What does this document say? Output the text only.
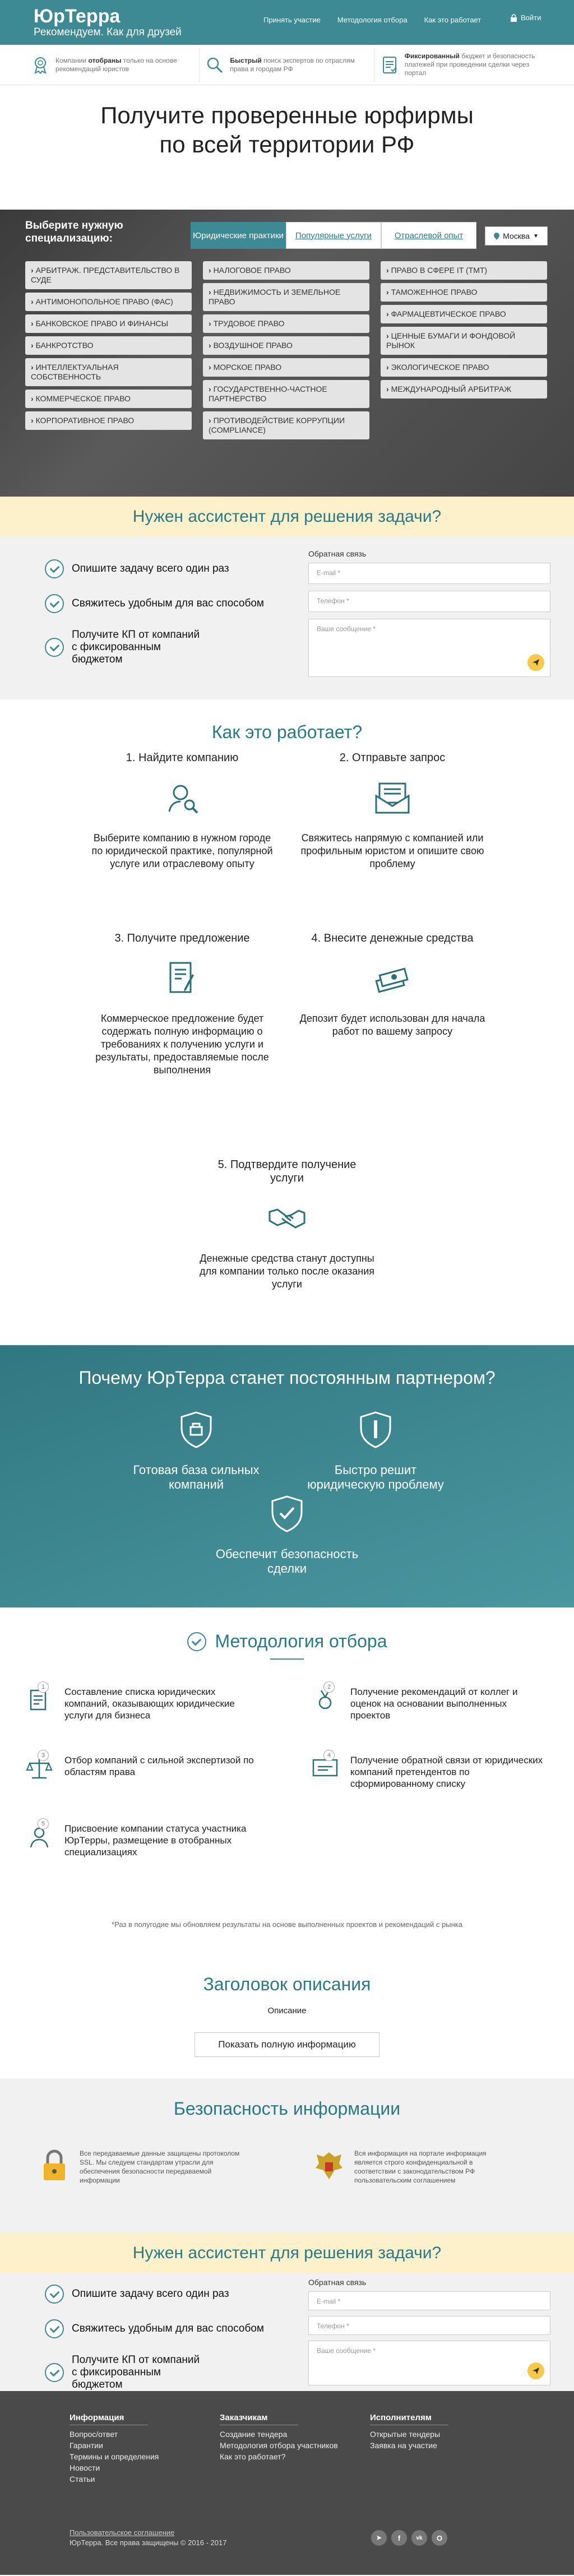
ЮрТерра
Рекомендуем. Как для друзей
Принять участие Методология отбора Как это работает	Войти
Компании отобраны только на основе рекомендаций юристов
Быстрый поиск экспертов по отраслям права и городам РФ
Фиксированный бюджет и безопасность платежей при проведении сделки через портал
Получите проверенные юрфирмы по всей территории РФ
Выберите нужную специализацию:	Юридические практики	Популярные услуги	Отраслевой опыт	Москва ▼
› АРБИТРАЖ. ПРЕДСТАВИТЕЛЬСТВО В СУДЕ
› АНТИМОНОПОЛЬНОЕ ПРАВО (ФАС)
› БАНКОВСКОЕ ПРАВО И ФИНАНСЫ
› БАНКРОТСТВО
› ИНТЕЛЛЕКТУАЛЬНАЯ СОБСТВЕННОСТЬ
› КОММЕРЧЕСКОЕ ПРАВО
› КОРПОРАТИВНОЕ ПРАВО
› НАЛОГОВОЕ ПРАВО
› НЕДВИЖИМОСТЬ И ЗЕМЕЛЬНОЕ ПРАВО
› ТРУДОВОЕ ПРАВО
› ВОЗДУШНОЕ ПРАВО
› МОРСКОЕ ПРАВО
› ГОСУДАРСТВЕННО-ЧАСТНОЕ ПАРТНЕРСТВО
› ПРОТИВОДЕЙСТВИЕ КОРРУПЦИИ (COMPLIANCE)
› ПРАВО В СФЕРЕ IT (ТМТ)
› ТАМОЖЕННОЕ ПРАВО
› ФАРМАЦЕВТИЧЕСКОЕ ПРАВО
› ЦЕННЫЕ БУМАГИ И ФОНДОВОЙ РЫНОК
› ЭКОЛОГИЧЕСКОЕ ПРАВО
› МЕЖДУНАРОДНЫЙ АРБИТРАЖ
Нужен ассистент для решения задачи?
Опишите задачу всего один раз
Свяжитесь удобным для вас способом
Получите КП от компаний с фиксированным бюджетом
Обратная связь
E-mail *
Телефон *
Ваше сообщение *
Как это работает?
1. Найдите компанию

Выберите компанию в нужном городе по юридической практике, популярной услуге или отраслевому опыту

2. Отправьте запрос

Свяжитесь напрямую с компанией или профильным юристом и опишите свою проблему

3. Получите предложение

Коммерческое предложение будет содержать полную информацию о требованиях к получению услуги и результаты, предоставляемые после выполнения

4. Внесите денежные средства

Депозит будет использован для начала работ по вашему запросу

5. Подтвердите получение услуги

Денежные средства станут доступны для компании только после оказания услуги

Почему ЮрТерра станет постоянным партнером?
Готовая база сильных компаний
Быстро решит юридическую проблему
Обеспечит безопасность сделки
Методология отбора
1	Составление списка юридических компаний, оказывающих юридические услуги для бизнеса
2	Получение рекомендаций от коллег и оценок на основании выполненных проектов
3	Отбор компаний с сильной экспертизой по областям права
4	Получение обратной связи от юридических компаний претендентов по сформированному списку
5	Присвоение компании статуса участника ЮрТерры, размещение в отобранных специализациях
*Раз в полугодие мы обновляем результаты на основе выполненных проектов и рекомендаций с рынка
Заголовок описания

Описание

Показать полную информацию
Безопасность информации
Все передаваемые данные защищены протоколом SSL. Мы следуем стандартам утрасли для обеспечения безопасности передаваемой информации
Вся информация на портале информация является строго конфиденциальной в соответствии с законодательством РФ пользовательским соглашением
Нужен ассистент для решения задачи?
Опишите задачу всего один раз
Свяжитесь удобным для вас способом
Получите КП от компаний с фиксированным бюджетом
Обратная связь
E-mail *
Телефон *
Ваше сообщение *
Информация
Вопрос/ответ
Гарантии
Термины и определения
Новости
Статьи
Заказчикам
Создание тендера
Методология отбора участников
Как это работает?
Исполнителям
Открытые тендеры
Заявка на участие
Пользовательское соглашение
ЮрТерра. Все права защищены © 2016 - 2017
➤	f	vk	О
